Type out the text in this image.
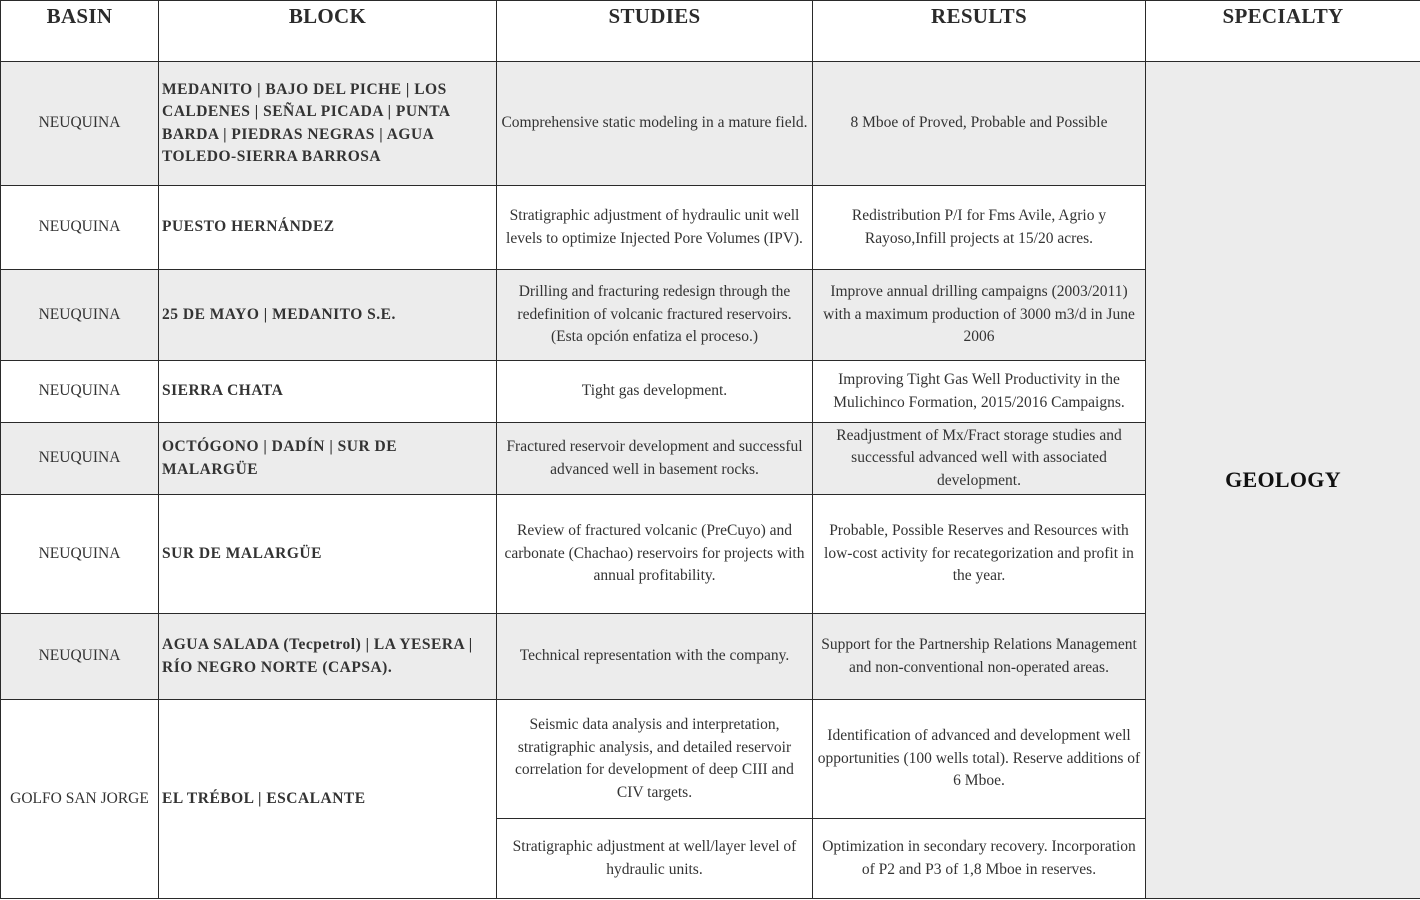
BASIN	BLOCK	STUDIES	RESULTS	SPECIALTY
NEUQUINA	MEDANITO | BAJO DEL PICHE | LOS CALDENES | SEÑAL PICADA | PUNTA BARDA | PIEDRAS NEGRAS | AGUA TOLEDO-SIERRA BARROSA	Comprehensive static modeling in a mature field.	8 Mboe of Proved, Probable and Possible	GEOLOGY
NEUQUINA	PUESTO HERNÁNDEZ	Stratigraphic adjustment of hydraulic unit well levels to optimize Injected Pore Volumes (IPV).	Redistribution P/I for Fms Avile, Agrio y Rayoso,Infill projects at 15/20 acres.	
NEUQUINA	25 DE MAYO | MEDANITO S.E.	Drilling and fracturing redesign through the redefinition of volcanic fractured reservoirs. (Esta opción enfatiza el proceso.)	Improve annual drilling campaigns (2003/2011) with a maximum production of 3000 m3/d in June 2006	
NEUQUINA	SIERRA CHATA	Tight gas development.	Improving Tight Gas Well Productivity in the Mulichinco Formation, 2015/2016 Campaigns.	
NEUQUINA	OCTÓGONO | DADÍN | SUR DE MALARGÜE	Fractured reservoir development and successful advanced well in basement rocks.	Readjustment of Mx/Fract storage studies and successful advanced well with associated development.	
NEUQUINA	SUR DE MALARGÜE	Review of fractured volcanic (PreCuyo) and carbonate (Chachao) reservoirs for projects with annual profitability.	Probable, Possible Reserves and Resources with low-cost activity for recategorization and profit in the year.	
NEUQUINA	AGUA SALADA (Tecpetrol) | LA YESERA | RÍO NEGRO NORTE (CAPSA).	Technical representation with the company.	Support for the Partnership Relations Management and non-conventional non-operated areas.	
GOLFO SAN JORGE	EL TRÉBOL | ESCALANTE	Seismic data analysis and interpretation, stratigraphic analysis, and detailed reservoir correlation for development of deep CIII and CIV targets.	Identification of advanced and development well opportunities (100 wells total). Reserve additions of 6 Mboe.	
		Stratigraphic adjustment at well/layer level of hydraulic units.	Optimization in secondary recovery. Incorporation of P2 and P3 of 1,8 Mboe in reserves.	
